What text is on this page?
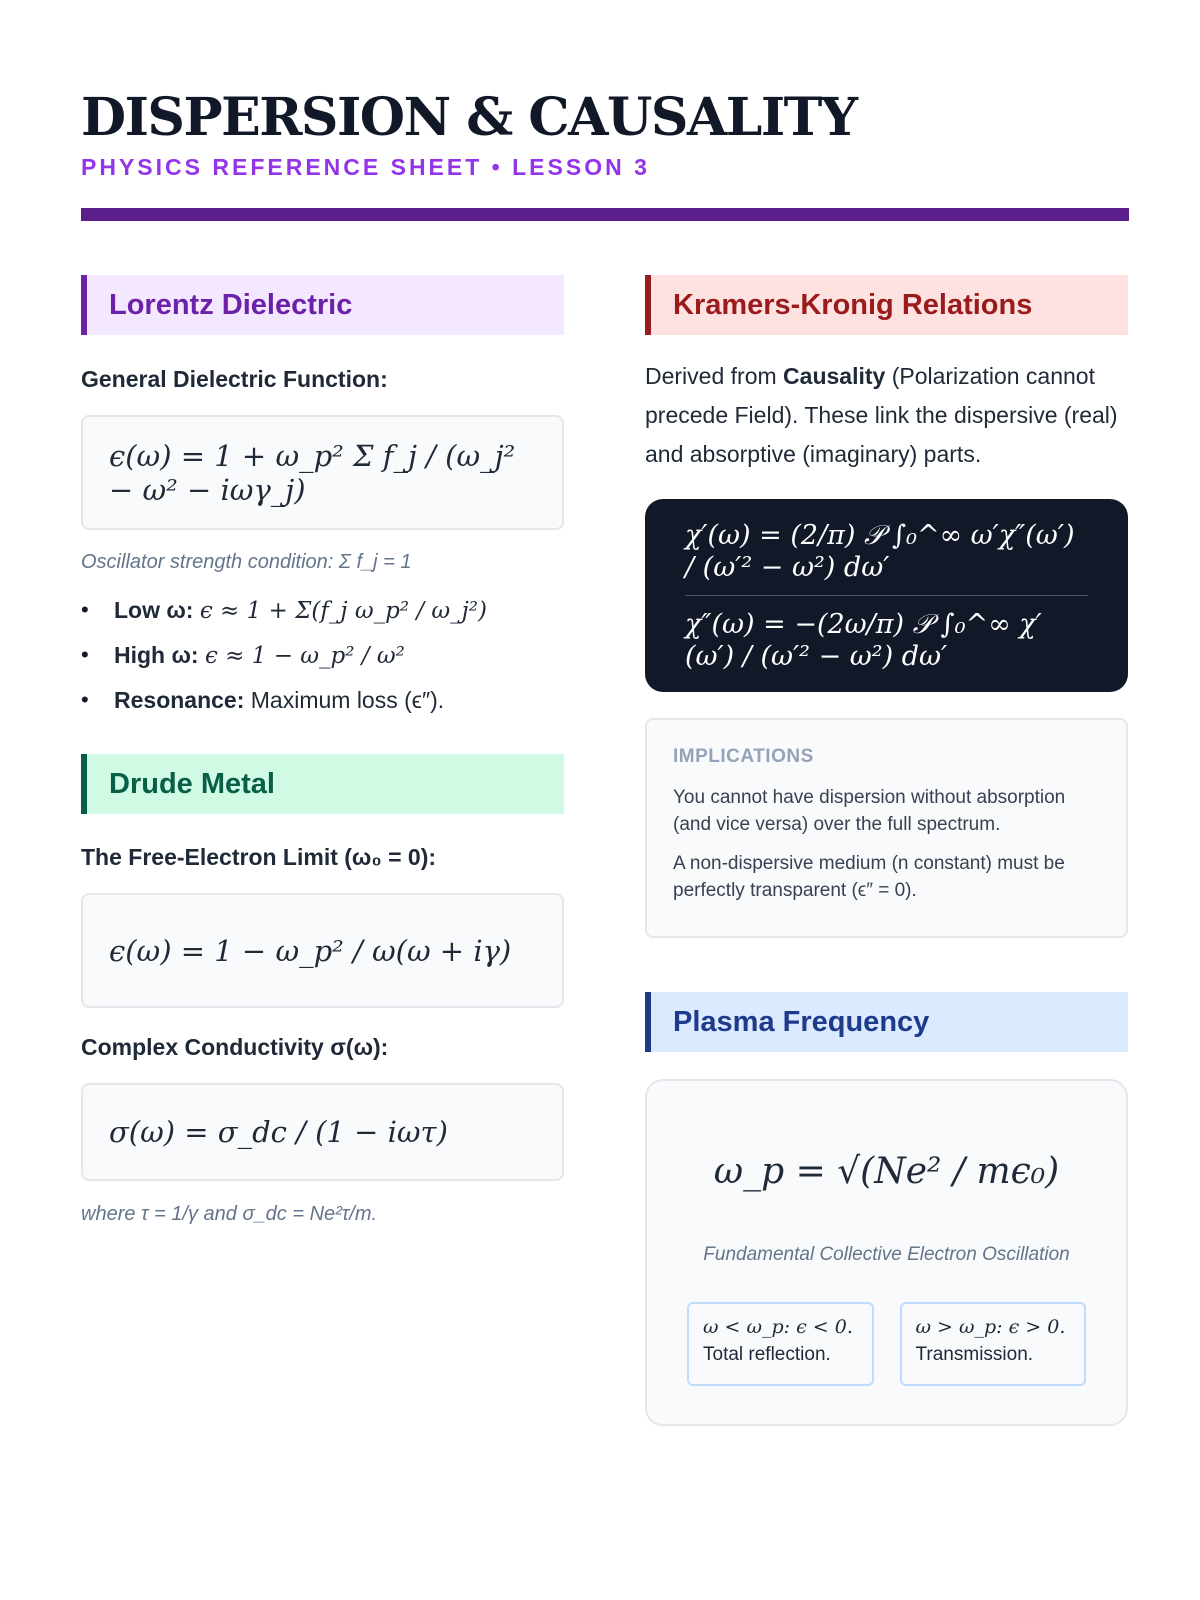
DISPERSION & CAUSALITY
PHYSICS REFERENCE SHEET • LESSON 3
Lorentz Dielectric
General Dielectric Function:
ϵ(ω) = 1 + ω_p² Σ f_j / (ω_j² − ω² − iωγ_j)
Oscillator strength condition: Σ f_j = 1
• Low ω: ϵ ≈ 1 + Σ(f_j ω_p² / ω_j²)
• High ω: ϵ ≈ 1 − ω_p² / ω²
• Resonance: Maximum loss (ϵ″).
Drude Metal
The Free-Electron Limit (ω₀ = 0):
ϵ(ω) = 1 − ω_p² / ω(ω + iγ)
Complex Conductivity σ(ω):
σ(ω) = σ_dc / (1 − iωτ)
where τ = 1/γ and σ_dc = Ne²τ/m.
Kramers-Kronig Relations

Derived from Causality (Polarization cannot precede Field). These link the dispersive (real) and absorptive (imaginary) parts.

χ′(ω) = (2/π) 𝒫 ∫₀^∞ ω′χ″(ω′) / (ω′² − ω²) dω′
χ″(ω) = −(2ω/π) 𝒫 ∫₀^∞ χ′(ω′) / (ω′² − ω²) dω′
IMPLICATIONS

You cannot have dispersion without absorption (and vice versa) over the full spectrum.

A non-dispersive medium (n constant) must be perfectly transparent (ϵ″ = 0).

Plasma Frequency
ω_p = √(Ne² / mϵ₀)
Fundamental Collective Electron Oscillation
ω < ω_p: ϵ < 0.
Total reflection.
ω > ω_p: ϵ > 0.
Transmission.
